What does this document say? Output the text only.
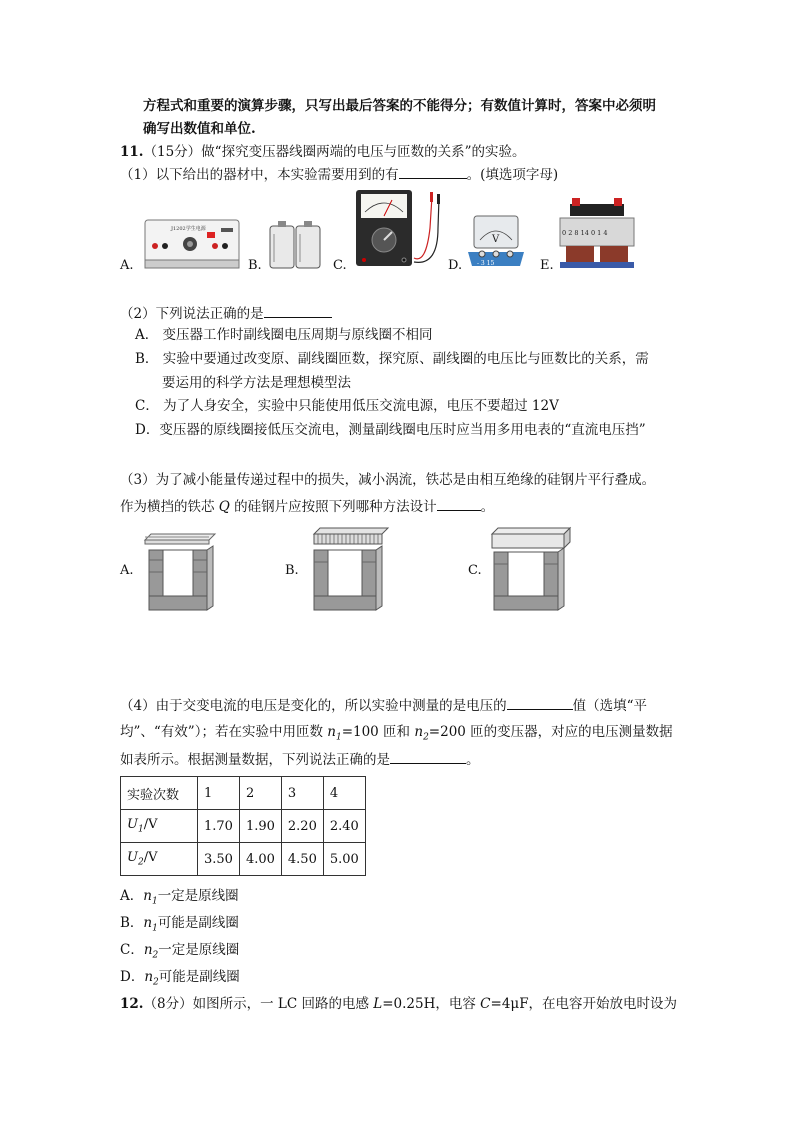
方程式和重要的演算步骤，只写出最后答案的不能得分；有数值计算时，答案中必须明
确写出数值和单位.
11.（15分）做“探究变压器线圈两端的电压与匝数的关系”的实验。
（1）以下给出的器材中，本实验需要用到的有	。(填选项字母)
A.
J1202学生电源
B.	C.	D.
V
- 3 15	E.
0 2 8 14 0 1 4
（2）下列说法正确的是
A． 变压器工作时副线圈电压周期与原线圈不相同
B． 实验中要通过改变原、副线圈匝数，探究原、副线圈的电压比与匝数比的关系，需
要运用的科学方法是理想模型法
C． 为了人身安全，实验中只能使用低压交流电源，电压不要超过 12V
D．变压器的原线圈接低压交流电，测量副线圈电压时应当用多用电表的“直流电压挡”
（3）为了减小能量传递过程中的损失，减小涡流，铁芯是由相互绝缘的硅钢片平行叠成。
作为横挡的铁芯 Q 的硅钢片应按照下列哪种方法设计	。
A.	B.	C.
（4）由于交变电流的电压是变化的，所以实验中测量的是电压的	值（选填“平
均”、“有效”）；若在实验中用匝数 $n_1=100$ 匝和 $n_2=200$ 匝的变压器，对应的电压测量数据
如表所示。根据测量数据，下列说法正确的是	。
实验次数	1	2	3	4
$U_1/V$	1.70	1.90	2.20	2.40
$U_2/V$	3.50	4.00	4.50	5.00
A．$n_1$一定是原线圈
B．$n_1$可能是副线圈
C．$n_2$一定是原线圈
D．$n_2$可能是副线圈
12.（8分）如图所示，一 LC 回路的电感 L=0.25H，电容 C=4μF，在电容开始放电时设为
